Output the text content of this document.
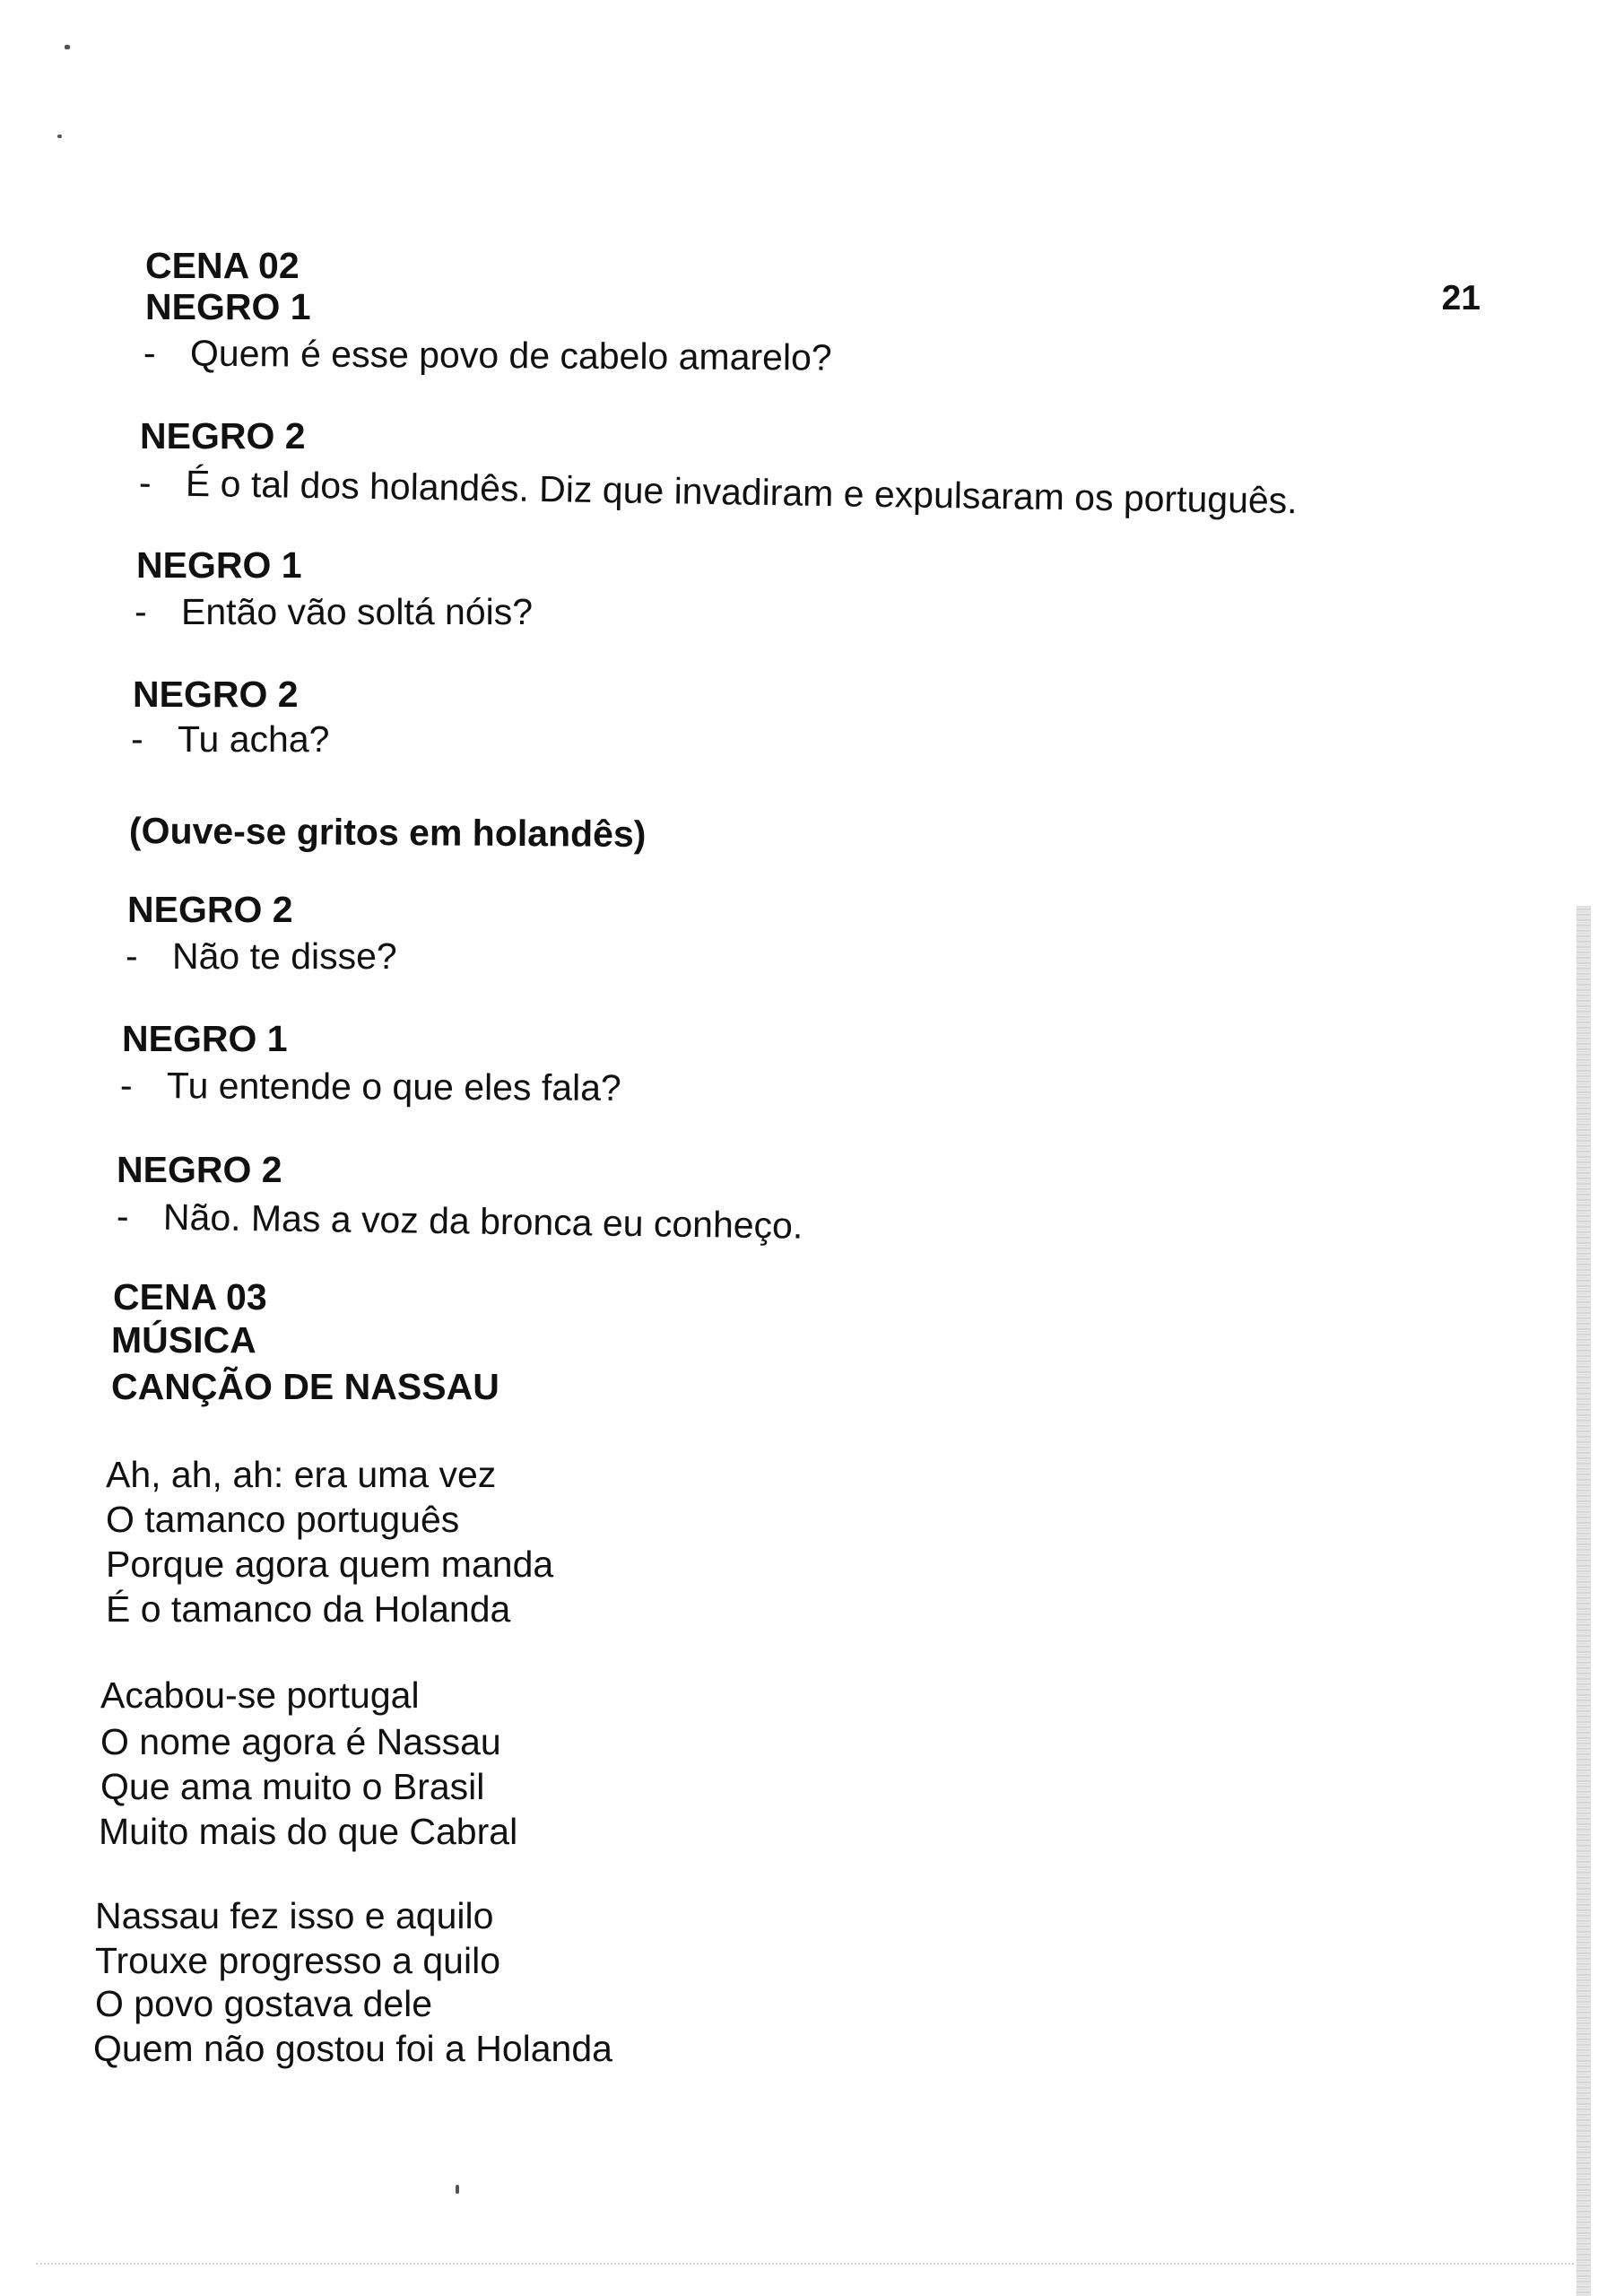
21
CENA 02
NEGRO 1
- Quem é esse povo de cabelo amarelo?
NEGRO 2
- É o tal dos holandês. Diz que invadiram e expulsaram os português.
NEGRO 1
- Então vão soltá nóis?
NEGRO 2
- Tu acha?
(Ouve-se gritos em holandês)
NEGRO 2
- Não te disse?
NEGRO 1
- Tu entende o que eles fala?
NEGRO 2
- Não. Mas a voz da bronca eu conheço.
CENA 03
MÚSICA
CANÇÃO DE NASSAU
Ah, ah, ah: era uma vez
O tamanco português
Porque agora quem manda
É o tamanco da Holanda
Acabou-se portugal
O nome agora é Nassau
Que ama muito o Brasil
Muito mais do que Cabral
Nassau fez isso e aquilo
Trouxe progresso a quilo
O povo gostava dele
Quem não gostou foi a Holanda
